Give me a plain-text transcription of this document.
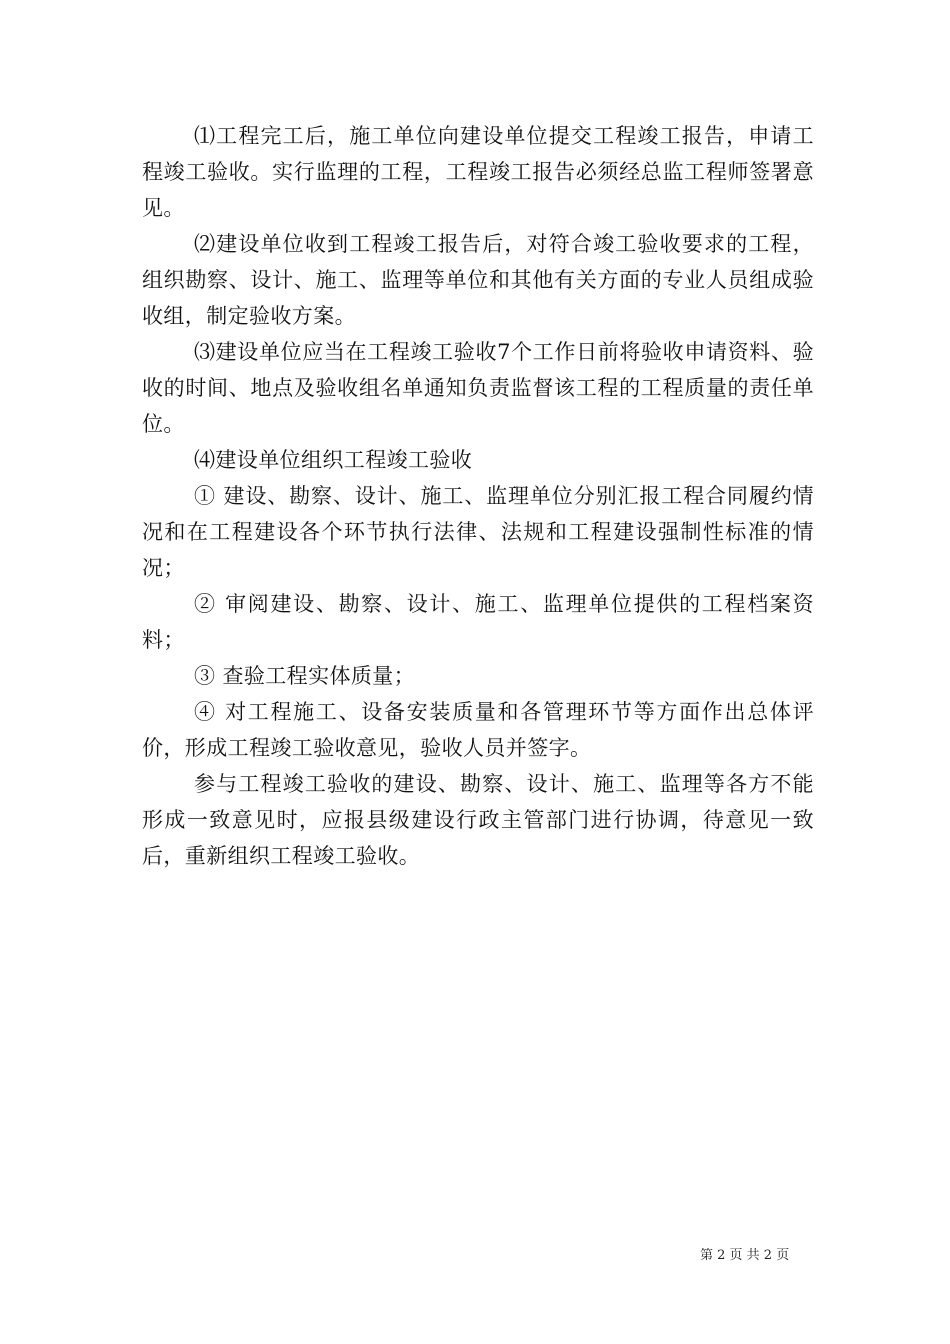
⑴工程完工后，施工单位向建设单位提交工程竣工报告，申请工程竣工验收。实行监理的工程，工程竣工报告必须经总监工程师签署意见。

⑵建设单位收到工程竣工报告后，对符合竣工验收要求的工程，组织勘察、设计、施工、监理等单位和其他有关方面的专业人员组成验收组，制定验收方案。

⑶建设单位应当在工程竣工验收7个工作日前将验收申请资料、验收的时间、地点及验收组名单通知负责监督该工程的工程质量的责任单位。

⑷建设单位组织工程竣工验收

① 建设、勘察、设计、施工、监理单位分别汇报工程合同履约情况和在工程建设各个环节执行法律、法规和工程建设强制性标准的情况；

② 审阅建设、勘察、设计、施工、监理单位提供的工程档案资料；

③ 查验工程实体质量；

④ 对工程施工、设备安装质量和各管理环节等方面作出总体评价，形成工程竣工验收意见，验收人员并签字。

参与工程竣工验收的建设、勘察、设计、施工、监理等各方不能形成一致意见时，应报县级建设行政主管部门进行协调，待意见一致后，重新组织工程竣工验收。

第 2 页 共 2 页
